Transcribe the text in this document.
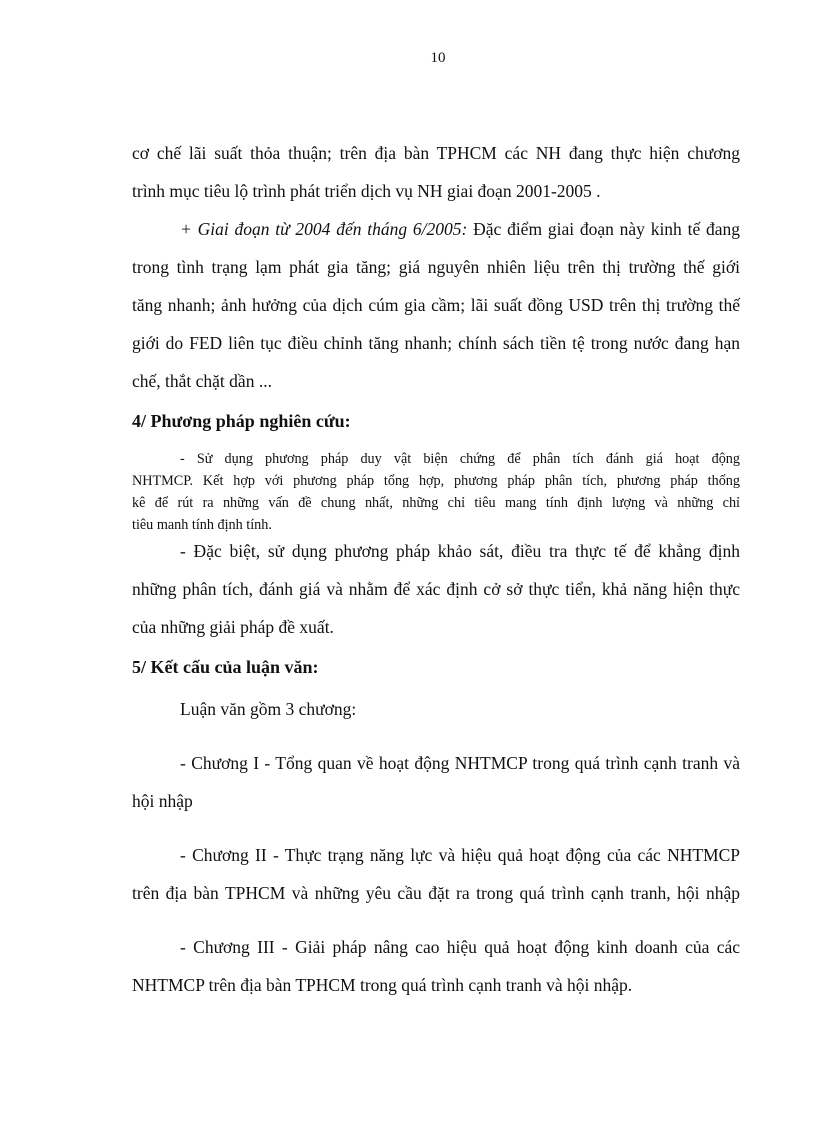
10
cơ chế lãi suất thỏa thuận; trên địa bàn TPHCM các NH đang thực hiện chương
trình mục tiêu lộ trình phát triển dịch vụ NH giai đoạn 2001-2005 .
+ Giai đoạn từ 2004 đến tháng 6/2005: Đặc điểm giai đoạn này kinh tế đang
trong tình trạng lạm phát gia tăng; giá nguyên nhiên liệu trên thị trường thế giới
tăng nhanh; ảnh hưởng của dịch cúm gia cầm; lãi suất đồng USD trên thị trường thế
giới do FED liên tục điều chỉnh tăng nhanh; chính sách tiền tệ trong nước đang hạn
chế, thắt chặt dần ...
4/ Phương pháp nghiên cứu:
- Sử dụng phương pháp duy vật biện chứng để phân tích đánh giá hoạt động
NHTMCP. Kết hợp với phương pháp tổng hợp, phương pháp phân tích, phương pháp thống
kê để rút ra những vấn đề chung nhất, những chỉ tiêu mang tính định lượng và những chỉ
tiêu manh tính định tính.
- Đặc biệt, sử dụng phương pháp khảo sát, điều tra thực tế để khẳng định
những phân tích, đánh giá và nhằm để xác định cở sở thực tiển, khả năng hiện thực
của những giải pháp đề xuất.
5/ Kết cấu của luận văn:
Luận văn gồm 3 chương:
- Chương I - Tổng quan về hoạt động NHTMCP trong quá trình cạnh tranh và
hội nhập
- Chương II - Thực trạng năng lực và hiệu quả hoạt động của các NHTMCP
trên địa bàn TPHCM và những yêu cầu đặt ra trong quá trình cạnh tranh, hội nhập
- Chương III - Giải pháp nâng cao hiệu quả hoạt động kinh doanh của các
NHTMCP trên địa bàn TPHCM trong quá trình cạnh tranh và hội nhập.
